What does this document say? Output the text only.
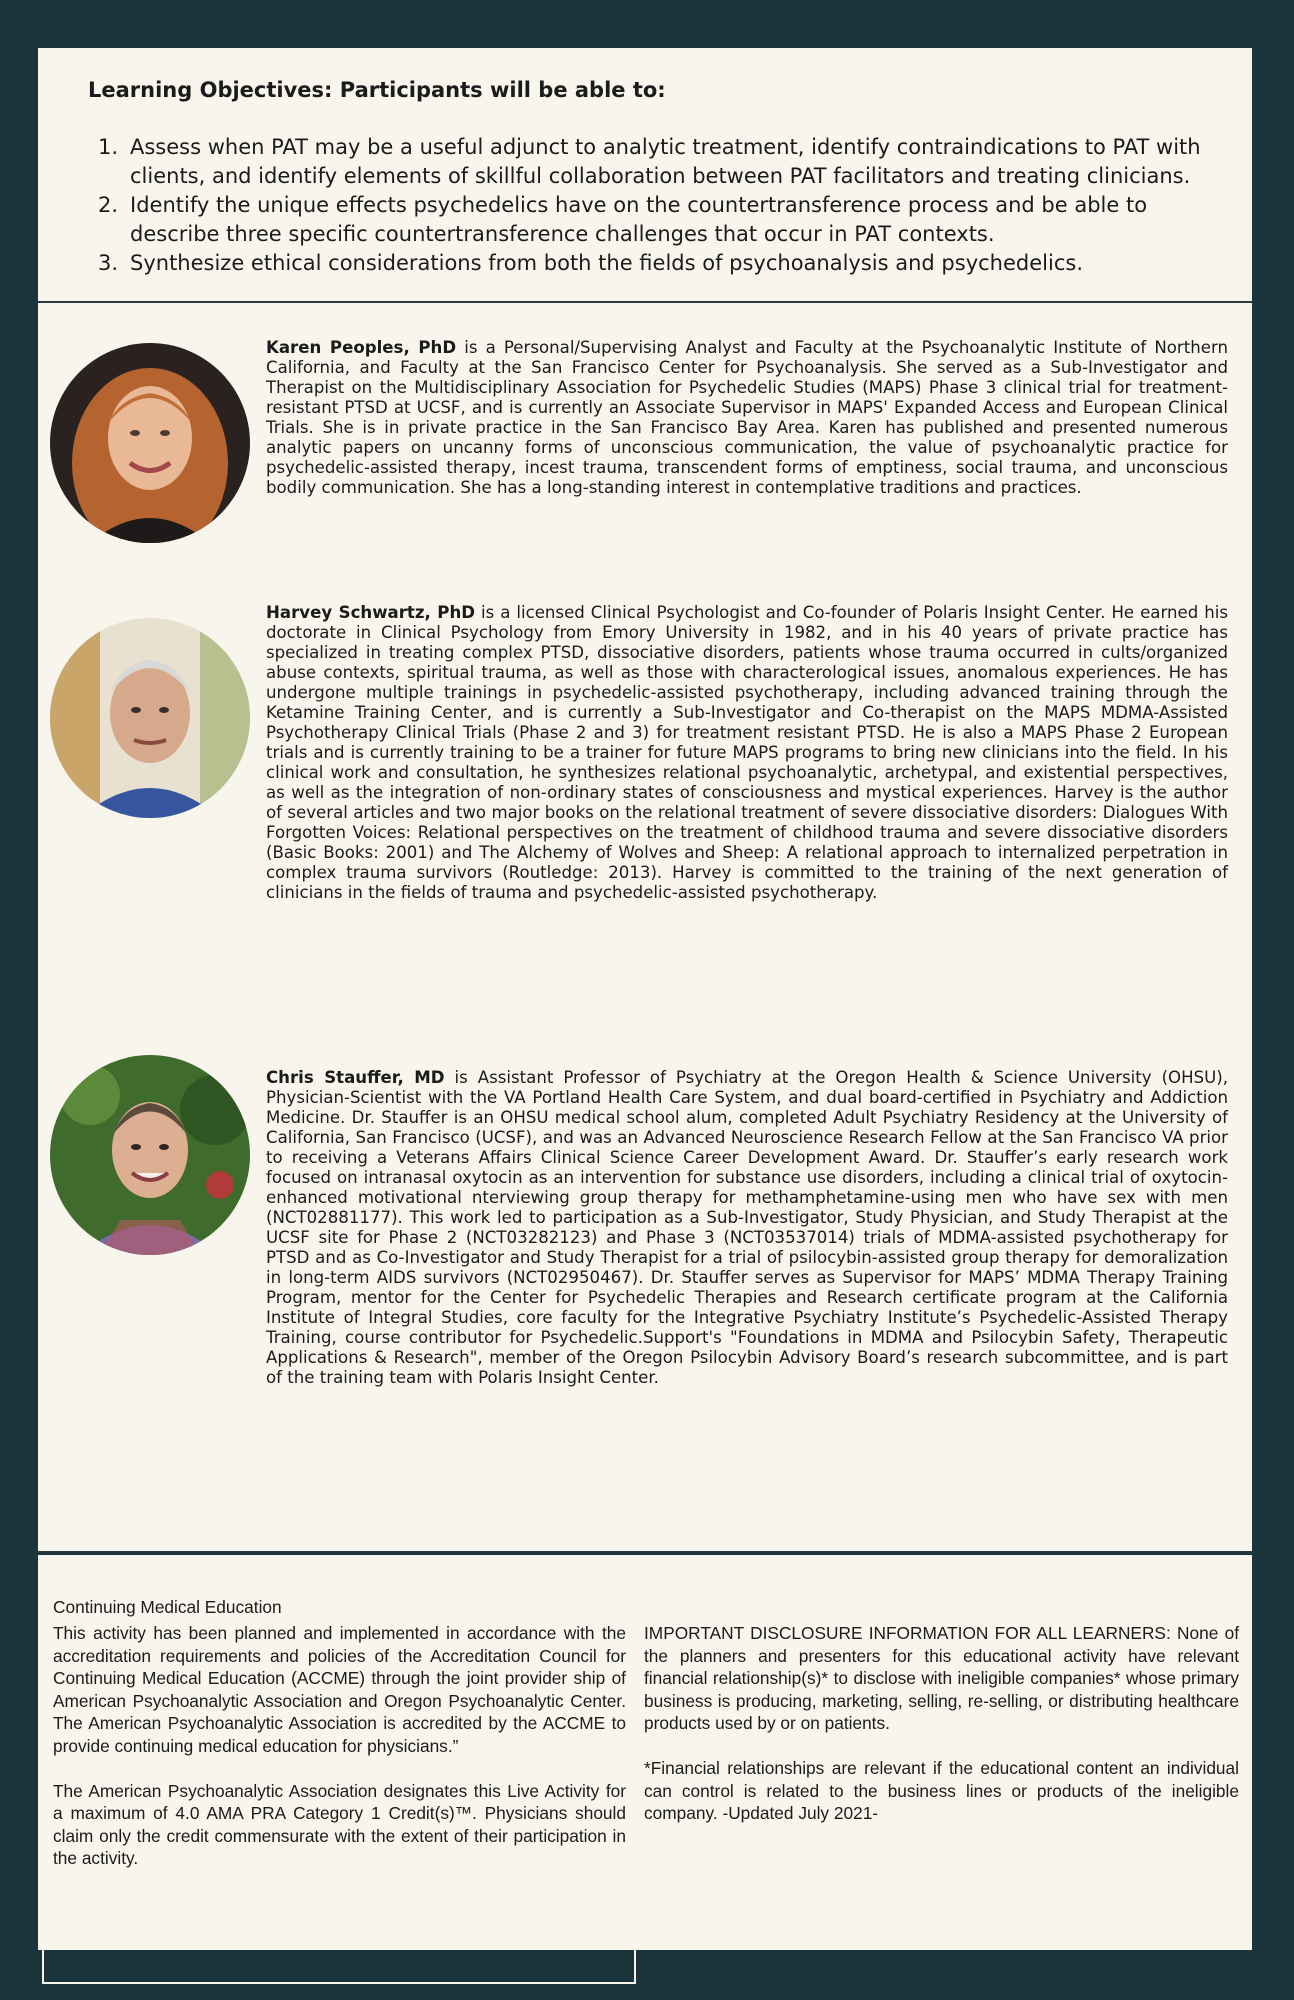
Learning Objectives: Participants will be able to:
1. Assess when PAT may be a useful adjunct to analytic treatment, identify contraindications to PAT with clients, and identify elements of skillful collaboration between PAT facilitators and treating clinicians.
2. Identify the unique effects psychedelics have on the countertransference process and be able to describe three specific countertransference challenges that occur in PAT contexts.
3. Synthesize ethical considerations from both the fields of psychoanalysis and psychedelics.

Karen Peoples, PhD is a Personal/Supervising Analyst and Faculty at the Psychoanalytic Institute of Northern California, and Faculty at the San Francisco Center for Psychoanalysis. She served as a Sub-Investigator and Therapist on the Multidisciplinary Association for Psychedelic Studies (MAPS) Phase 3 clinical trial for treatment-resistant PTSD at UCSF, and is currently an Associate Supervisor in MAPS' Expanded Access and European Clinical Trials. She is in private practice in the San Francisco Bay Area. Karen has published and presented numerous analytic papers on uncanny forms of unconscious communication, the value of psychoanalytic practice for psychedelic-assisted therapy, incest trauma, transcendent forms of emptiness, social trauma, and unconscious bodily communication. She has a long-standing interest in contemplative traditions and practices.

Harvey Schwartz, PhD is a licensed Clinical Psychologist and Co-founder of Polaris Insight Center. He earned his doctorate in Clinical Psychology from Emory University in 1982, and in his 40 years of private practice has specialized in treating complex PTSD, dissociative disorders, patients whose trauma occurred in cults/organized abuse contexts, spiritual trauma, as well as those with characterological issues, anomalous experiences. He has undergone multiple trainings in psychedelic-assisted psychotherapy, including advanced training through the Ketamine Training Center, and is currently a Sub-Investigator and Co-therapist on the MAPS MDMA-Assisted Psychotherapy Clinical Trials (Phase 2 and 3) for treatment resistant PTSD. He is also a MAPS Phase 2 European trials and is currently training to be a trainer for future MAPS programs to bring new clinicians into the field. In his clinical work and consultation, he synthesizes relational psychoanalytic, archetypal, and existential perspectives, as well as the integration of non-ordinary states of consciousness and mystical experiences. Harvey is the author of several articles and two major books on the relational treatment of severe dissociative disorders: Dialogues With Forgotten Voices: Relational perspectives on the treatment of childhood trauma and severe dissociative disorders (Basic Books: 2001) and The Alchemy of Wolves and Sheep: A relational approach to internalized perpetration in complex trauma survivors (Routledge: 2013). Harvey is committed to the training of the next generation of clinicians in the fields of trauma and psychedelic-assisted psychotherapy.

Chris Stauffer, MD is Assistant Professor of Psychiatry at the Oregon Health & Science University (OHSU), Physician-Scientist with the VA Portland Health Care System, and dual board-certified in Psychiatry and Addiction Medicine. Dr. Stauffer is an OHSU medical school alum, completed Adult Psychiatry Residency at the University of California, San Francisco (UCSF), and was an Advanced Neuroscience Research Fellow at the San Francisco VA prior to receiving a Veterans Affairs Clinical Science Career Development Award. Dr. Stauffer’s early research work focused on intranasal oxytocin as an intervention for substance use disorders, including a clinical trial of oxytocin-enhanced motivational nterviewing group therapy for methamphetamine-using men who have sex with men (NCT02881177). This work led to participation as a Sub-Investigator, Study Physician, and Study Therapist at the UCSF site for Phase 2 (NCT03282123) and Phase 3 (NCT03537014) trials of MDMA-assisted psychotherapy for PTSD and as Co-Investigator and Study Therapist for a trial of psilocybin-assisted group therapy for demoralization in long-term AIDS survivors (NCT02950467). Dr. Stauffer serves as Supervisor for MAPS’ MDMA Therapy Training Program, mentor for the Center for Psychedelic Therapies and Research certificate program at the California Institute of Integral Studies, core faculty for the Integrative Psychiatry Institute’s Psychedelic-Assisted Therapy Training, course contributor for Psychedelic.Support's "Foundations in MDMA and Psilocybin Safety, Therapeutic Applications & Research", member of the Oregon Psilocybin Advisory Board’s research subcommittee, and is part of the training team with Polaris Insight Center.

Continuing Medical Education

This activity has been planned and implemented in accordance with the accreditation requirements and policies of the Accreditation Council for Continuing Medical Education (ACCME) through the joint provider ship of American Psychoanalytic Association and Oregon Psychoanalytic Center. The American Psychoanalytic Association is accredited by the ACCME to provide continuing medical education for physicians.”

The American Psychoanalytic Association designates this Live Activity for a maximum of 4.0 AMA PRA Category 1 Credit(s)™. Physicians should claim only the credit commensurate with the extent of their participation in the activity.

IMPORTANT DISCLOSURE INFORMATION FOR ALL LEARNERS: None of the planners and presenters for this educational activity have relevant financial relationship(s)* to disclose with ineligible companies* whose primary business is producing, marketing, selling, re-selling, or distributing healthcare products used by or on patients.

*Financial relationships are relevant if the educational content an individual can control is related to the business lines or products of the ineligible company. -Updated July 2021-
